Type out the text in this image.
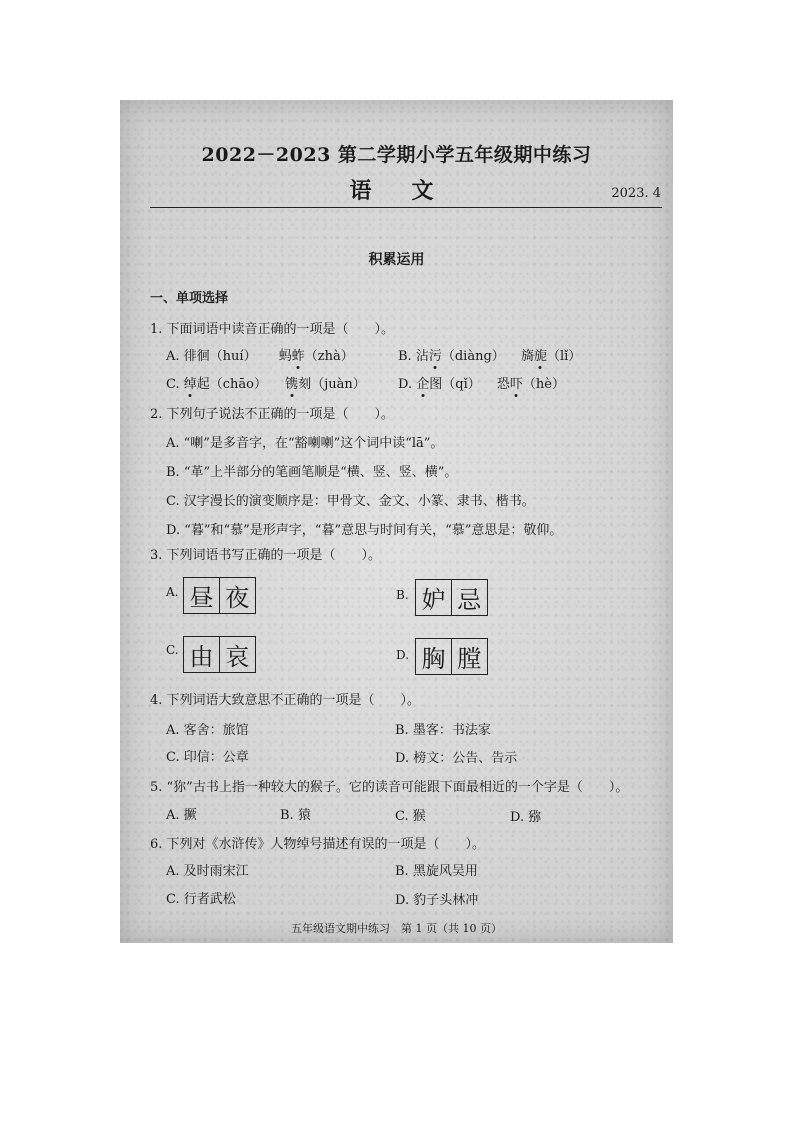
2022－2023 第二学期小学五年级期中练习
语文	2023. 4
积累运用
一、单项选择
1. 下面词语中读音正确的一项是（　　）。
A. 徘徊（huí） 蚂蚱（zhà）	B. 沾污（diàng） 旖旎（lǐ）
C. 绰起（chāo） 镌刻（juàn） D. 企图（qǐ） 恐吓（hè）
2. 下列句子说法不正确的一项是（　　）。
A. “喇”是多音字，在“豁喇喇”这个词中读“lā”。
B. “革”上半部分的笔画笔顺是“横、竖、竖、横”。
C. 汉字漫长的演变顺序是：甲骨文、金文、小篆、隶书、楷书。
D. “暮”和“慕”是形声字，“暮”意思与时间有关，“慕”意思是：敬仰。
3. 下列词语书写正确的一项是（　　）。
A. 昼 夜	B. 妒 忌
C. 由 哀	D. 胸 膛
4. 下列词语大致意思不正确的一项是（　　）。
A. 客舍：旅馆	B. 墨客：书法家
C. 印信：公章	D. 榜文：公告、告示
5. “狝”古书上指一种较大的猴子。它的读音可能跟下面最相近的一个字是（　　）。
A. 撅	B. 猿	C. 猴	D. 猕
6. 下列对《水浒传》人物绰号描述有误的一项是（　　）。
A. 及时雨宋江	B. 黑旋风吴用
C. 行者武松	D. 豹子头林冲
五年级语文期中练习　第 1 页（共 10 页）
